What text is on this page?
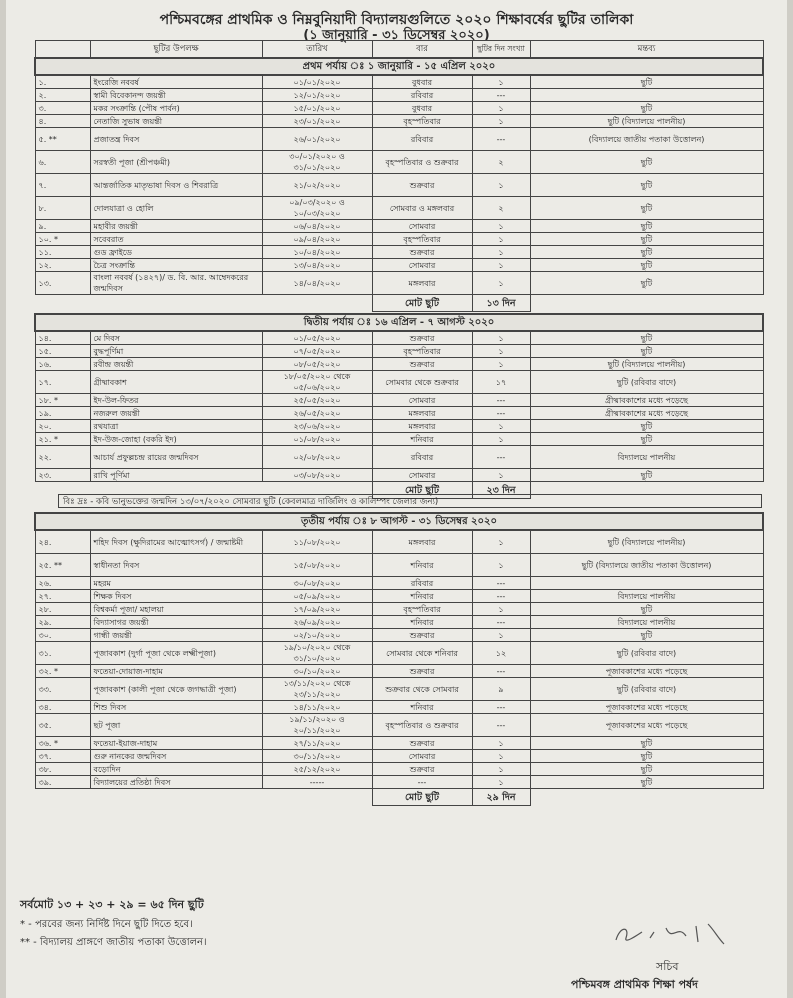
পশ্চিমবঙ্গের প্রাথমিক ও নিম্নবুনিয়াদী বিদ্যালয়গুলিতে ২০২০ শিক্ষাবর্ষের ছুটির তালিকা
(১ জানুয়ারি - ৩১ ডিসেম্বর ২০২০)
	ছুটির উপলক্ষ	তারিখ	বার	ছুটির দিন সংখ্যা	মন্তব্য
প্রথম পর্যায় ঃ ১ জানুয়ারি - ১৫ এপ্রিল ২০২০					
১.	ইংরেজি নববর্ষ	০১/০১/২০২০	বুধবার	১	ছুটি
২.	স্বামী বিবেকানন্দ জয়ন্তী	১২/০১/২০২০	রবিবার	---	
৩.	মকর সংক্রান্তি (পৌষ পার্বন)	১৫/০১/২০২০	বুধবার	১	ছুটি
৪.	নেতাজি সুভাষ জয়ন্তী	২৩/০১/২০২০	বৃহস্পতিবার	১	ছুটি (বিদ্যালয়ে পালনীয়)
৫. **	প্রজাতন্ত্র দিবস	২৬/০১/২০২০	রবিবার	---	(বিদ্যালয়ে জাতীয় পতাকা উত্তোলন)
৬.	সরস্বতী পূজা (শ্রীপঞ্চমী)	৩০/০১/২০২০ ও ৩১/০১/২০২০	বৃহস্পতিবার ও শুক্রবার	২	ছুটি
৭.	আন্তর্জাতিক মাতৃভাষা দিবস ও শিবরাত্রি	২১/০২/২০২০	শুক্রবার	১	ছুটি
৮.	দোলযাত্রা ও হোলি	০৯/০৩/২০২০ ও ১০/০৩/২০২০	সোমবার ও মঙ্গলবার	২	ছুটি
৯.	মহাবীর জয়ন্তী	০৬/০৪/২০২০	সোমবার	১	ছুটি
১০. *	সবেবরাত	০৯/০৪/২০২০	বৃহস্পতিবার	১	ছুটি
১১.	গুড ফ্রাইডে	১০/০৪/২০২০	শুক্রবার	১	ছুটি
১২.	চৈত্র সংক্রান্তি	১৩/০৪/২০২০	সোমবার	১	ছুটি
১৩.	বাংলা নববর্ষ (১৪২৭)/ ড. বি. আর. আম্বেদকরের জন্মদিবস	১৪/০৪/২০২০	মঙ্গলবার	১	ছুটি
			মোট ছুটি	১৩ দিন	
দ্বিতীয় পর্যায় ঃ ১৬ এপ্রিল - ৭ আগস্ট ২০২০					
১৪.	মে দিবস	০১/০৫/২০২০	শুক্রবার	১	ছুটি
১৫.	বুদ্ধপূর্ণিমা	০৭/০৫/২০২০	বৃহস্পতিবার	১	ছুটি
১৬.	রবীন্দ্র জয়ন্তী	০৮/০৫/২০২০	শুক্রবার	১	ছুটি (বিদ্যালয়ে পালনীয়)
১৭.	গ্রীষ্মাবকাশ	১৮/০৫/২০২০ থেকে ০৫/০৬/২০২০	সোমবার থেকে শুক্রবার	১৭	ছুটি (রবিবার বাদে)
১৮. *	ইদ-উল-ফিতর	২৫/০৫/২০২০	সোমবার	---	গ্রীষ্মাবকাশের মধ্যে পড়েছে
১৯.	নজরুল জয়ন্তী	২৬/০৫/২০২০	মঙ্গলবার	---	গ্রীষ্মাবকাশের মধ্যে পড়েছে
২০.	রথযাত্রা	২৩/০৬/২০২০	মঙ্গলবার	১	ছুটি
২১. *	ইদ-উজ-জোহা (বকরি ইদ)	০১/০৮/২০২০	শনিবার	১	ছুটি
২২.	আচার্য প্রফুল্লচন্দ্র রায়ের জন্মদিবস	০২/০৮/২০২০	রবিবার	---	বিদ্যালয়ে পালনীয়
২৩.	রাখি পূর্ণিমা	০৩/০৮/২০২০	সোমবার	১	ছুটি
			মোট ছুটি	২৩ দিন	
বিঃ দ্রঃ - কবি ভানুভক্তের জন্মদিন ১৩/০৭/২০২০ সোমবার ছুটি (কেবলমাত্র দার্জিলিং ও কালিম্পং জেলার জন্য)
তৃতীয় পর্যায় ঃ ৮ আগস্ট - ৩১ ডিসেম্বর ২০২০					
২৪.	শহিদ দিবস (ক্ষুদিরামের আত্মোৎসর্গ) / জন্মাষ্টমী	১১/০৮/২০২০	মঙ্গলবার	১	ছুটি (বিদ্যালয়ে পালনীয়)
২৫. **	স্বাধীনতা দিবস	১৫/০৮/২০২০	শনিবার	১	ছুটি (বিদ্যালয়ে জাতীয় পতাকা উত্তোলন)
২৬.	মহরম	৩০/০৮/২০২০	রবিবার	---	
২৭.	শিক্ষক দিবস	০৫/০৯/২০২০	শনিবার	---	বিদ্যালয়ে পালনীয়
২৮.	বিশ্বকর্মা পূজা/ মহালয়া	১৭/০৯/২০২০	বৃহস্পতিবার	১	ছুটি
২৯.	বিদ্যাসাগর জয়ন্তী	২৬/০৯/২০২০	শনিবার	---	বিদ্যালয়ে পালনীয়
৩০.	গান্ধী জয়ন্তী	০২/১০/২০২০	শুক্রবার	১	ছুটি
৩১.	পূজাবকাশ (দুর্গা পূজা থেকে লক্ষ্মীপূজা)	১৯/১০/২০২০ থেকে ৩১/১০/২০২০	সোমবার থেকে শনিবার	১২	ছুটি (রবিবার বাদে)
৩২. *	ফতেয়া-দোয়াজ-দাহাম	৩০/১০/২০২০	শুক্রবার	---	পূজাবকাশের মধ্যে পড়েছে
৩৩.	পূজাবকাশ (কালী পূজা থেকে জগদ্ধাত্রী পূজা)	১৩/১১/২০২০ থেকে ২৩/১১/২০২০	শুক্রবার থেকে সোমবার	৯	ছুটি (রবিবার বাদে)
৩৪.	শিশু দিবস	১৪/১১/২০২০	শনিবার	---	পূজাবকাশের মধ্যে পড়েছে
৩৫.	ছট পূজা	১৯/১১/২০২০ ও ২০/১১/২০২০	বৃহস্পতিবার ও শুক্রবার	---	পূজাবকাশের মধ্যে পড়েছে
৩৬. *	ফতেয়া-ইয়াজ-দাহাম	২৭/১১/২০২০	শুক্রবার	১	ছুটি
৩৭.	গুরু নানকের জন্মদিবস	৩০/১১/২০২০	সোমবার	১	ছুটি
৩৮.	বড়োদিন	২৫/১২/২০২০	শুক্রবার	১	ছুটি
৩৯.	বিদ্যালয়ের প্রতিষ্ঠা দিবস	-----	---	১	ছুটি
			মোট ছুটি	২৯ দিন	
সর্বমোট ১৩ + ২৩ + ২৯ = ৬৫ দিন ছুটি
* - পরবের জন্য নির্দিষ্ট দিনে ছুটি দিতে হবে।
** - বিদ্যালয় প্রাঙ্গণে জাতীয় পতাকা উত্তোলন।
সচিব
পশ্চিমবঙ্গ প্রাথমিক শিক্ষা পর্ষদ
